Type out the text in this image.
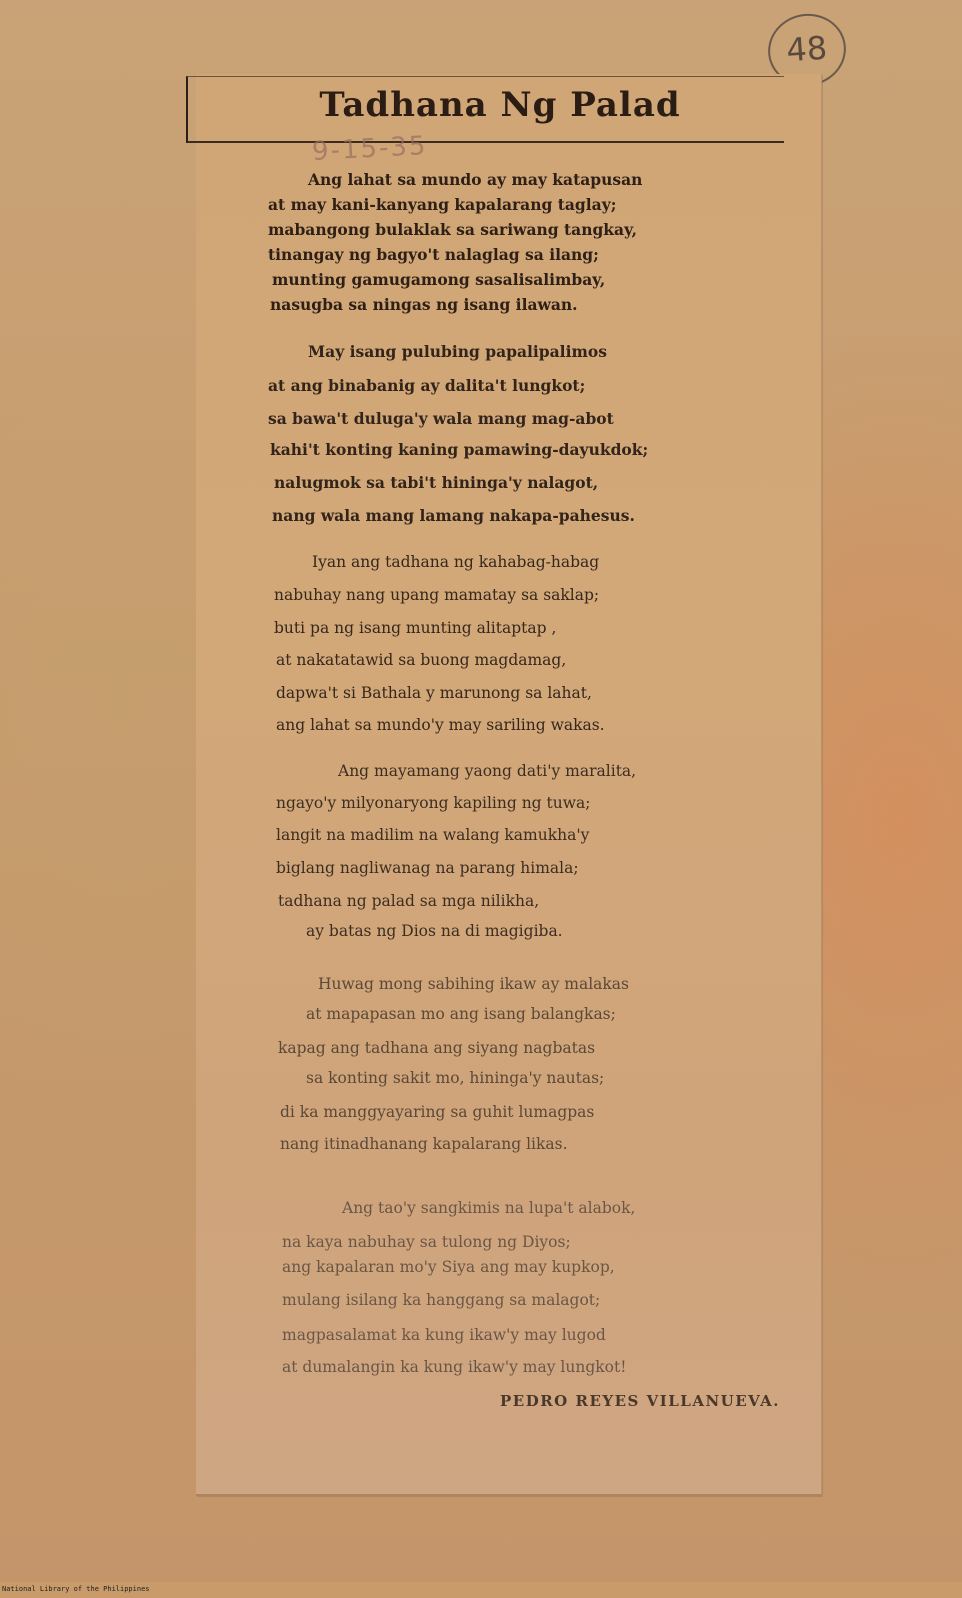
48
Tadhana Ng Palad
9-15-35
Ang lahat sa mundo ay may katapusan
at may kani-kanyang kapalarang taglay;
mabangong bulaklak sa sariwang tangkay,
tinangay ng bagyo't nalaglag sa ilang;
munting gamugamong sasalisalimbay,
nasugba sa ningas ng isang ilawan.
May isang pulubing papalipalimos
at ang binabanig ay dalita't lungkot;
sa bawa't duluga'y wala mang mag-abot
kahi't konting kaning pamawing-dayukdok;
nalugmok sa tabi't hininga'y nalagot,
nang wala mang lamang nakapa-pahesus.
Iyan ang tadhana ng kahabag-habag
nabuhay nang upang mamatay sa saklap;
buti pa ng isang munting alitaptap ,
at nakatatawid sa buong magdamag,
dapwa't si Bathala y marunong sa lahat,
ang lahat sa mundo'y may sariling wakas.
Ang mayamang yaong dati'y maralita,
ngayo'y milyonaryong kapiling ng tuwa;
langit na madilim na walang kamukha'y
biglang nagliwanag na parang himala;
tadhana ng palad sa mga nilikha,
ay batas ng Dios na di magigiba.
Huwag mong sabihing ikaw ay malakas
at mapapasan mo ang isang balangkas;
kapag ang tadhana ang siyang nagbatas
sa konting sakit mo, hininga'y nautas;
di ka manggyayaring sa guhit lumagpas
nang itinadhanang kapalarang likas.
Ang tao'y sangkimis na lupa't alabok,
na kaya nabuhay sa tulong ng Diyos;
ang kapalaran mo'y Siya ang may kupkop,
mulang isilang ka hanggang sa malagot;
magpasalamat ka kung ikaw'y may lugod
at dumalangin ka kung ikaw'y may lungkot!
PEDRO REYES VILLANUEVA.
National Library of the Philippines
